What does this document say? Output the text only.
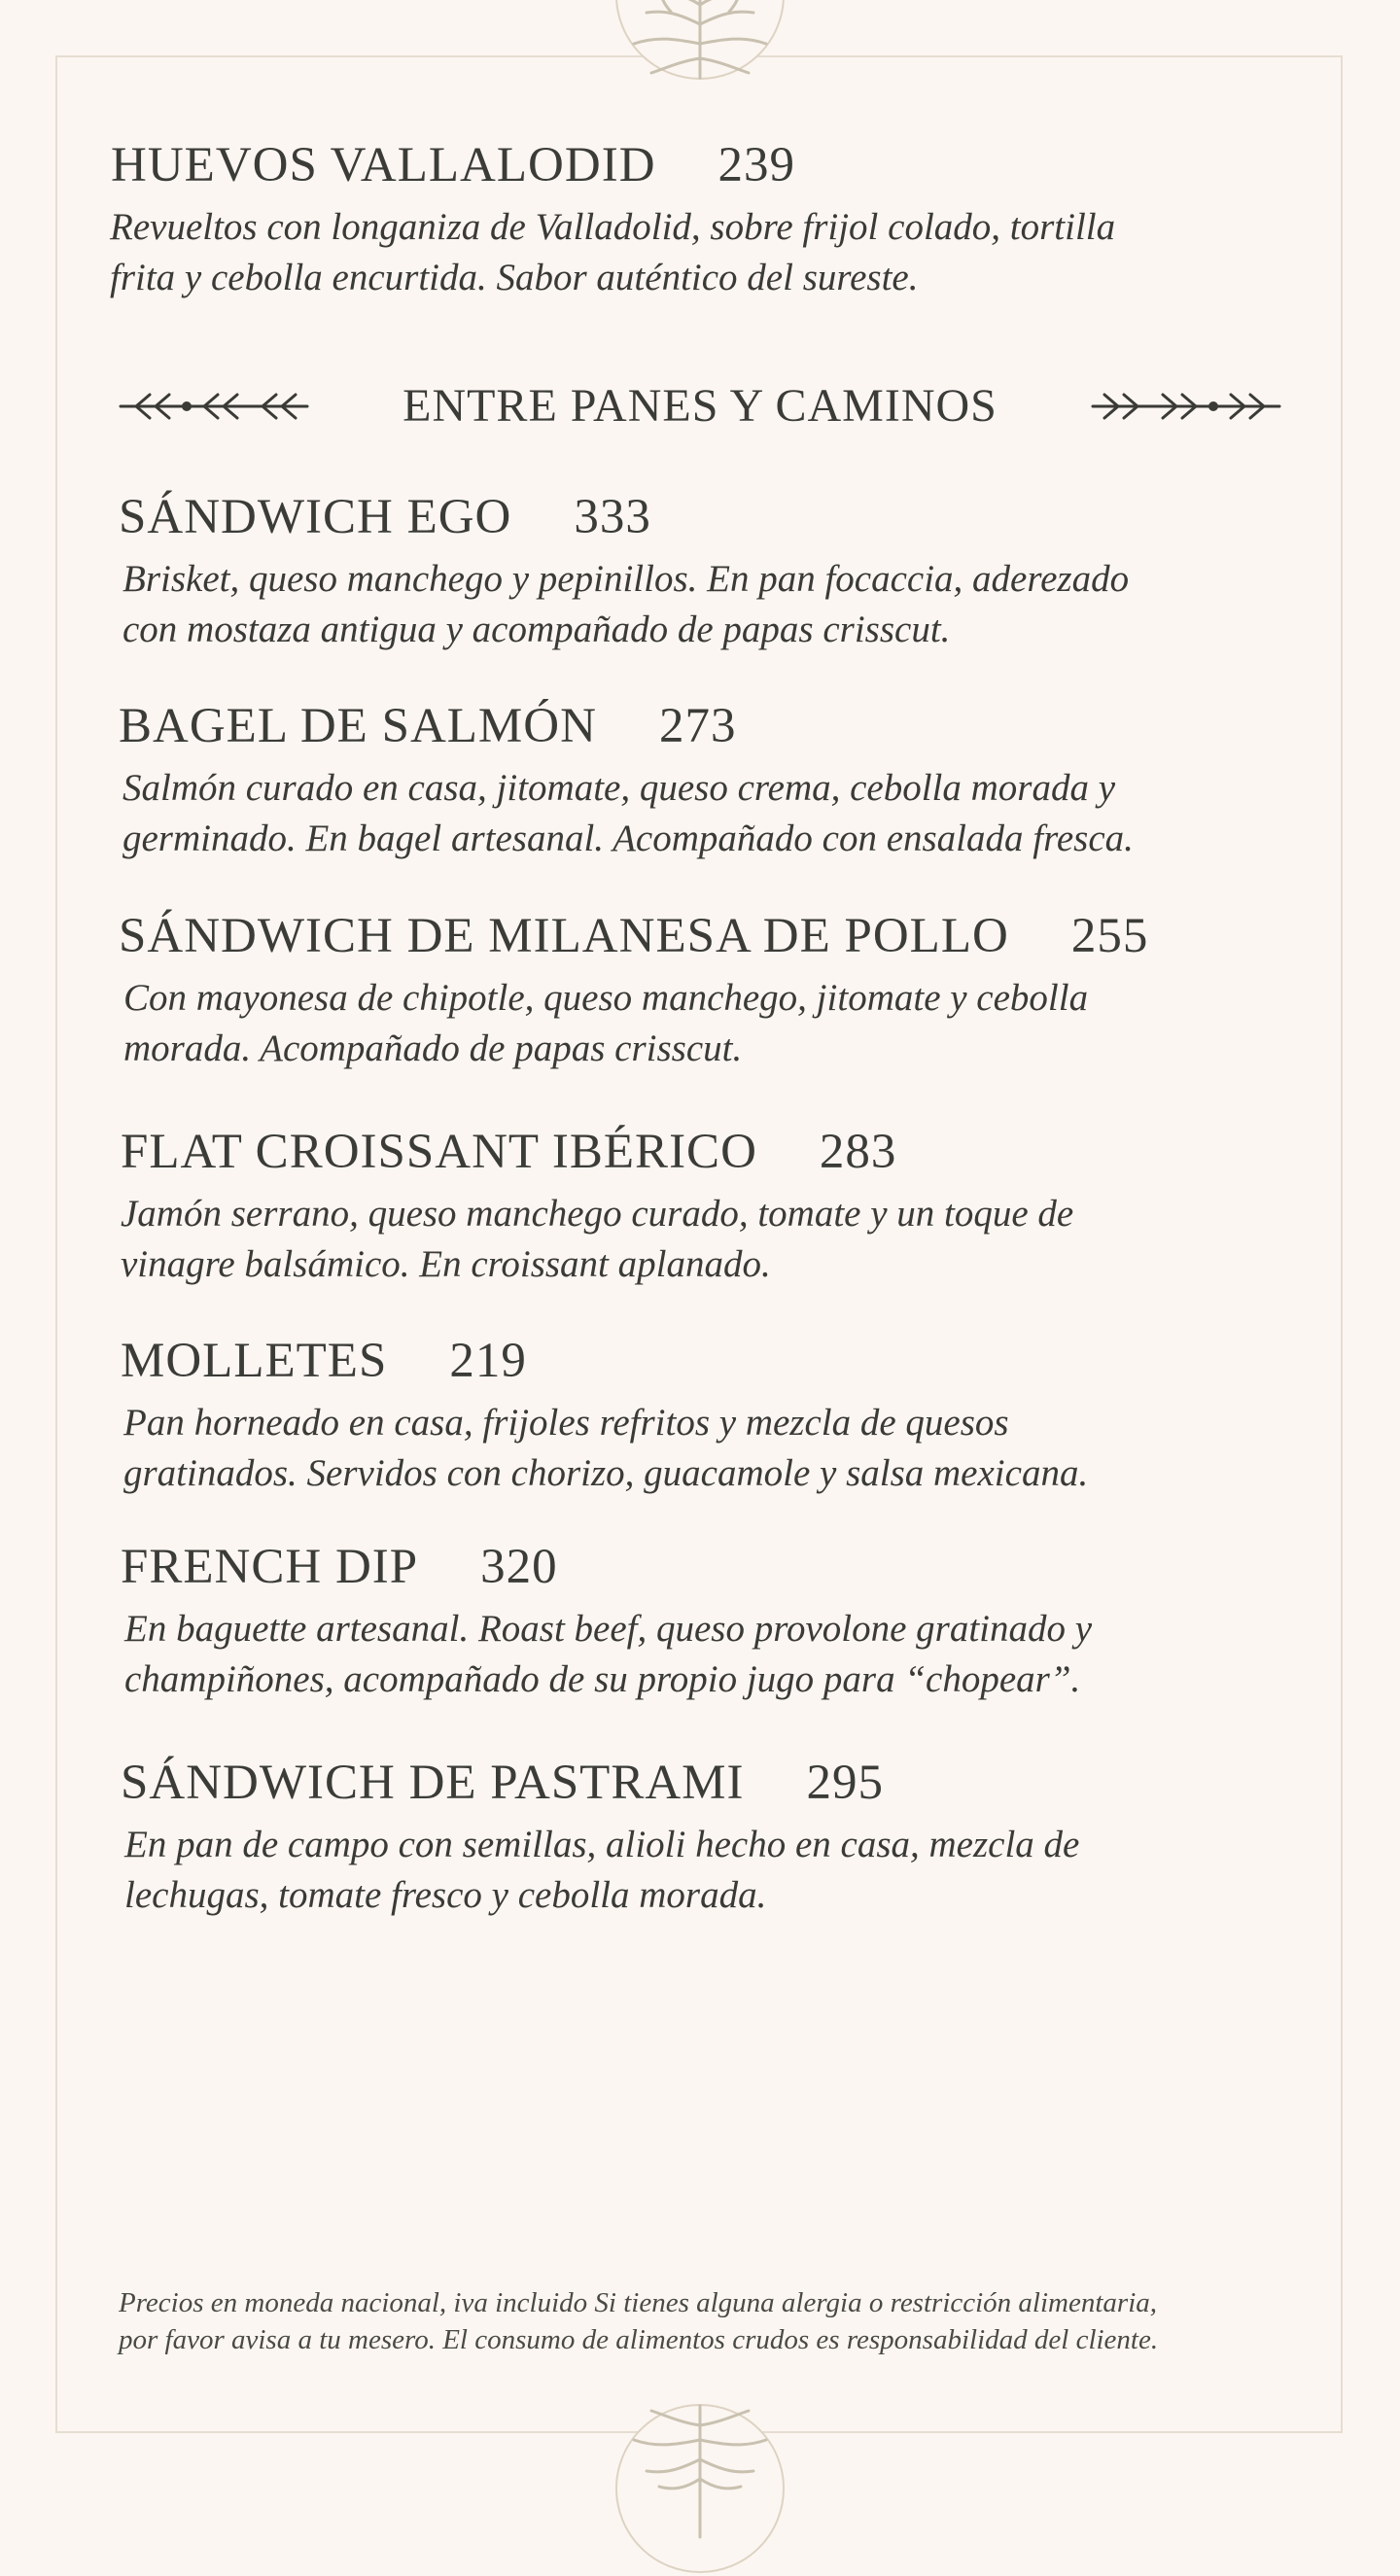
HUEVOS VALLALODID 239
Revueltos con longaniza de Valladolid, sobre frijol colado, tortilla
frita y cebolla encurtida. Sabor auténtico del sureste.
ENTRE PANES Y CAMINOS
SÁNDWICH EGO 333
Brisket, queso manchego y pepinillos. En pan focaccia, aderezado
con mostaza antigua y acompañado de papas crisscut.
BAGEL DE SALMÓN 273
Salmón curado en casa, jitomate, queso crema, cebolla morada y
germinado. En bagel artesanal. Acompañado con ensalada fresca.
SÁNDWICH DE MILANESA DE POLLO 255
Con mayonesa de chipotle, queso manchego, jitomate y cebolla
morada. Acompañado de papas crisscut.
FLAT CROISSANT IBÉRICO 283
Jamón serrano, queso manchego curado, tomate y un toque de
vinagre balsámico. En croissant aplanado.
MOLLETES 219
Pan horneado en casa, frijoles refritos y mezcla de quesos
gratinados. Servidos con chorizo, guacamole y salsa mexicana.
FRENCH DIP 320
En baguette artesanal. Roast beef, queso provolone gratinado y
champiñones, acompañado de su propio jugo para “chopear”.
SÁNDWICH DE PASTRAMI 295
En pan de campo con semillas, alioli hecho en casa, mezcla de
lechugas, tomate fresco y cebolla morada.
Precios en moneda nacional, iva incluido Si tienes alguna alergia o restricción alimentaria,
por favor avisa a tu mesero. El consumo de alimentos crudos es responsabilidad del cliente.
